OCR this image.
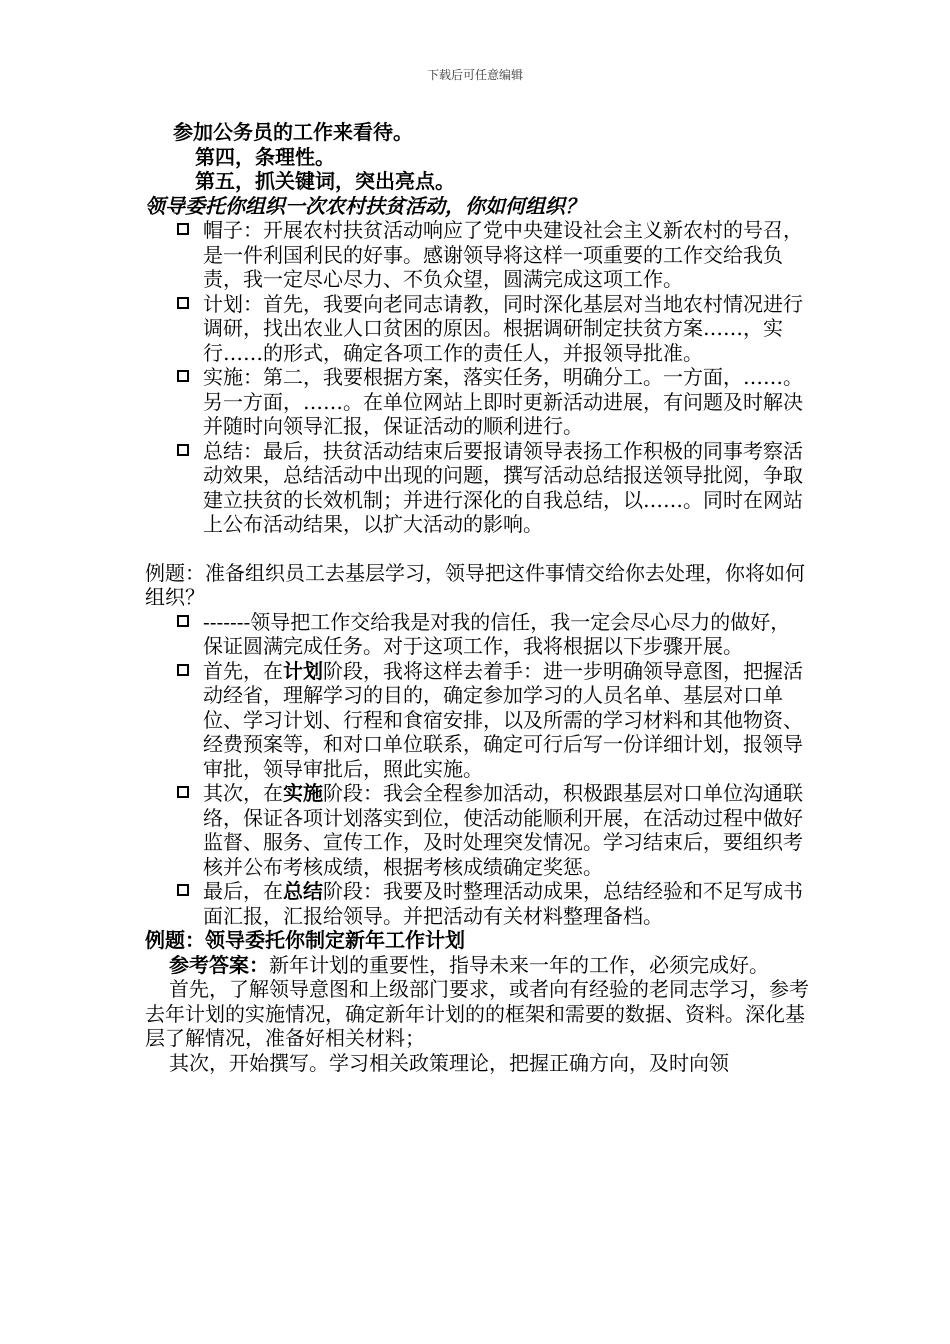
下载后可任意编辑

参加公务员的工作来看待。

第四，条理性。

第五，抓关键词，突出亮点。

领导委托你组织一次农村扶贫活动，你如何组织？

帽子：开展农村扶贫活动响应了党中央建设社会主义新农村的号召，是一件利国利民的好事。感谢领导将这样一项重要的工作交给我负责，我一定尽心尽力、不负众望，圆满完成这项工作。
计划：首先，我要向老同志请教，同时深化基层对当地农村情况进行调研，找出农业人口贫困的原因。根据调研制定扶贫方案……，实行……的形式，确定各项工作的责任人，并报领导批准。
实施：第二，我要根据方案，落实任务，明确分工。一方面，……。另一方面，……。在单位网站上即时更新活动进展，有问题及时解决并随时向领导汇报，保证活动的顺利进行。
总结：最后，扶贫活动结束后要报请领导表扬工作积极的同事考察活动效果，总结活动中出现的问题，撰写活动总结报送领导批阅，争取建立扶贫的长效机制；并进行深化的自我总结，以……。同时在网站上公布活动结果，以扩大活动的影响。

例题：准备组织员工去基层学习，领导把这件事情交给你去处理，你将如何组织？

-------领导把工作交给我是对我的信任，我一定会尽心尽力的做好，保证圆满完成任务。对于这项工作，我将根据以下步骤开展。
首先，在计划阶段，我将这样去着手：进一步明确领导意图，把握活动经省，理解学习的目的，确定参加学习的人员名单、基层对口单位、学习计划、行程和食宿安排，以及所需的学习材料和其他物资、经费预案等，和对口单位联系，确定可行后写一份详细计划，报领导审批，领导审批后，照此实施。
其次，在实施阶段：我会全程参加活动，积极跟基层对口单位沟通联络，保证各项计划落实到位，使活动能顺利开展，在活动过程中做好监督、服务、宣传工作，及时处理突发情况。学习结束后，要组织考核并公布考核成绩，根据考核成绩确定奖惩。
最后，在总结阶段：我要及时整理活动成果，总结经验和不足写成书面汇报，汇报给领导。并把活动有关材料整理备档。

例题：领导委托你制定新年工作计划

参考答案：新年计划的重要性，指导未来一年的工作，必须完成好。

首先，了解领导意图和上级部门要求，或者向有经验的老同志学习，参考去年计划的实施情况，确定新年计划的的框架和需要的数据、资料。深化基层了解情况，准备好相关材料；

其次，开始撰写。学习相关政策理论，把握正确方向，及时向领
